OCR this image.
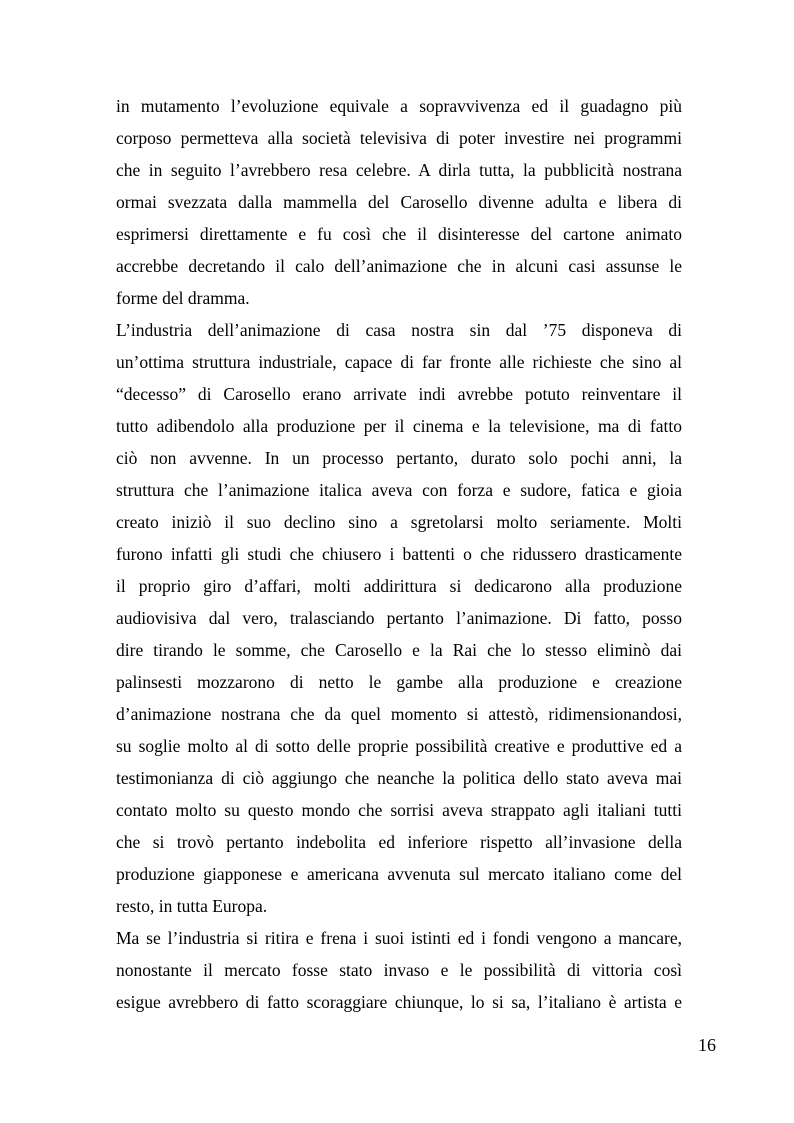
in mutamento l’evoluzione equivale a sopravvivenza ed il guadagno più
corposo permetteva alla società televisiva di poter investire nei programmi
che in seguito l’avrebbero resa celebre. A dirla tutta, la pubblicità nostrana
ormai svezzata dalla mammella del Carosello divenne adulta e libera di
esprimersi direttamente e fu così che il disinteresse del cartone animato
accrebbe decretando il calo dell’animazione che in alcuni casi assunse le
forme del dramma.
L’industria dell’animazione di casa nostra sin dal ’75 disponeva di
un’ottima struttura industriale, capace di far fronte alle richieste che sino al
“decesso” di Carosello erano arrivate indi avrebbe potuto reinventare il
tutto adibendolo alla produzione per il cinema e la televisione, ma di fatto
ciò non avvenne. In un processo pertanto, durato solo pochi anni, la
struttura che l’animazione italica aveva con forza e sudore, fatica e gioia
creato iniziò il suo declino sino a sgretolarsi molto seriamente. Molti
furono infatti gli studi che chiusero i battenti o che ridussero drasticamente
il proprio giro d’affari, molti addirittura si dedicarono alla produzione
audiovisiva dal vero, tralasciando pertanto l’animazione. Di fatto, posso
dire tirando le somme, che Carosello e la Rai che lo stesso eliminò dai
palinsesti mozzarono di netto le gambe alla produzione e creazione
d’animazione nostrana che da quel momento si attestò, ridimensionandosi,
su soglie molto al di sotto delle proprie possibilità creative e produttive ed a
testimonianza di ciò aggiungo che neanche la politica dello stato aveva mai
contato molto su questo mondo che sorrisi aveva strappato agli italiani tutti
che si trovò pertanto indebolita ed inferiore rispetto all’invasione della
produzione giapponese e americana avvenuta sul mercato italiano come del
resto, in tutta Europa.
Ma se l’industria si ritira e frena i suoi istinti ed i fondi vengono a mancare,
nonostante il mercato fosse stato invaso e le possibilità di vittoria così
esigue avrebbero di fatto scoraggiare chiunque, lo si sa, l’italiano è artista e
16
